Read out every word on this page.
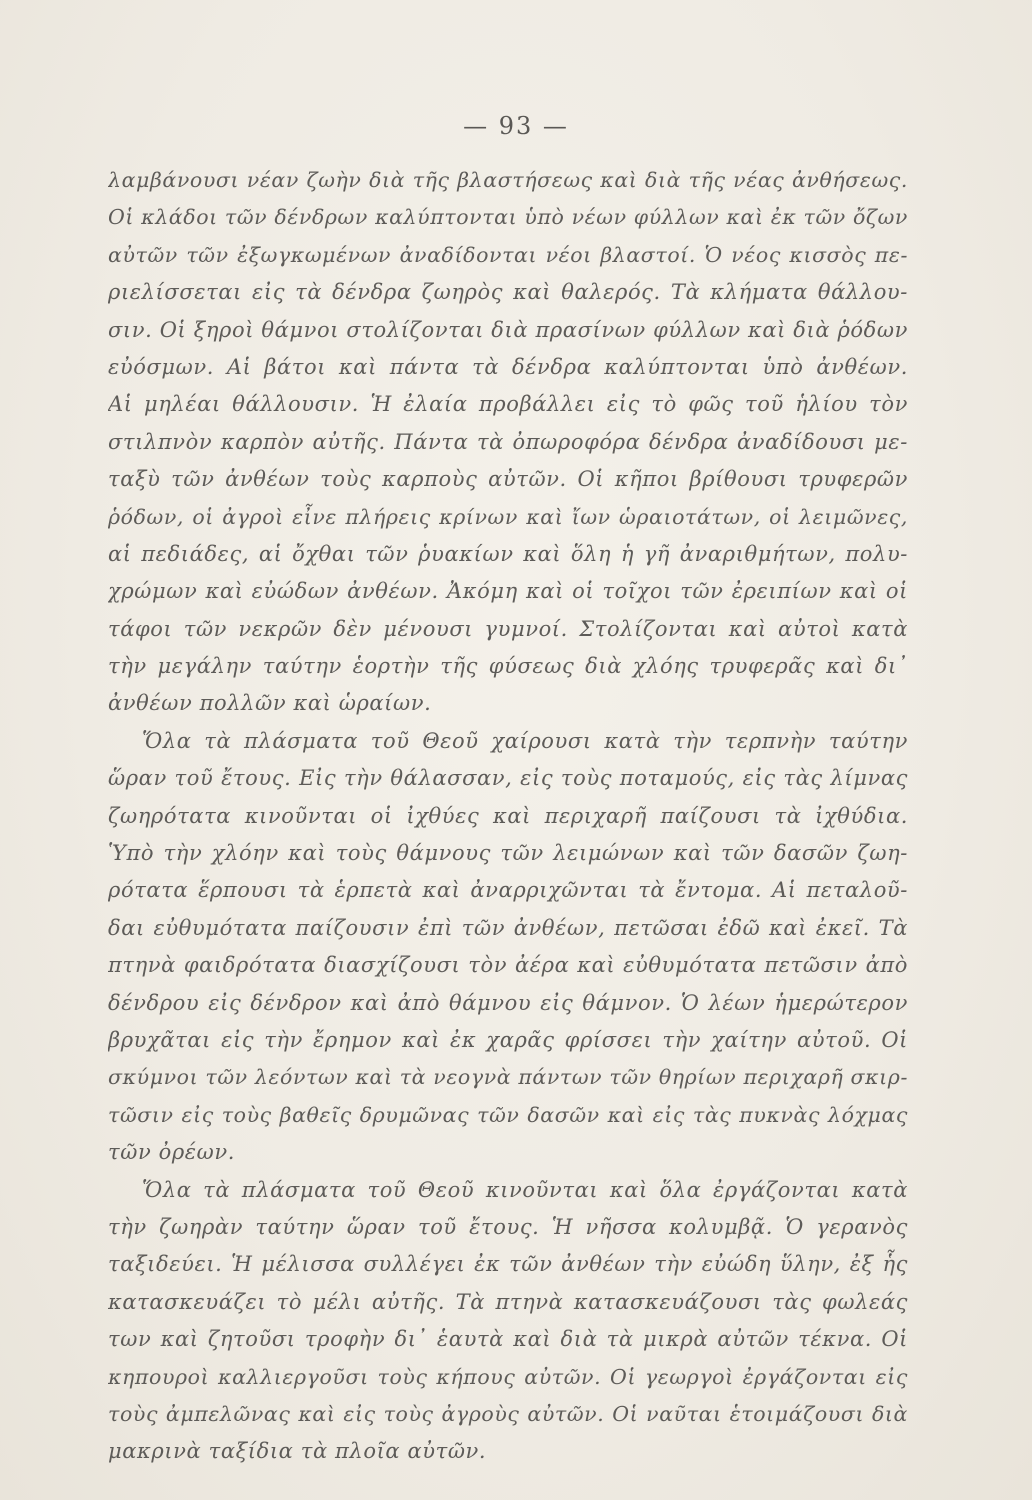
— 93 —
λαμβάνουσι νέαν ζωὴν διὰ τῆς βλαστήσεως καὶ διὰ τῆς νέας ἀνθήσεως.
Οἱ κλάδοι τῶν δένδρων καλύπτονται ὑπὸ νέων φύλλων καὶ ἐκ τῶν ὄζων
αὐτῶν τῶν ἐξωγκωμένων ἀναδίδονται νέοι βλαστοί. Ὁ νέος κισσὸς πε-
ριελίσσεται εἰς τὰ δένδρα ζωηρὸς καὶ θαλερός. Τὰ κλήματα θάλλου-
σιν. Οἱ ξηροὶ θάμνοι στολίζονται διὰ πρασίνων φύλλων καὶ διὰ ῥόδων
εὐόσμων. Αἱ βάτοι καὶ πάντα τὰ δένδρα καλύπτονται ὑπὸ ἀνθέων.
Αἱ μηλέαι θάλλουσιν. Ἡ ἐλαία προβάλλει εἰς τὸ φῶς τοῦ ἡλίου τὸν
στιλπνὸν καρπὸν αὐτῆς. Πάντα τὰ ὀπωροφόρα δένδρα ἀναδίδουσι με-
ταξὺ τῶν ἀνθέων τοὺς καρποὺς αὐτῶν. Οἱ κῆποι βρίθουσι τρυφερῶν
ῥόδων, οἱ ἀγροὶ εἶνε πλήρεις κρίνων καὶ ἴων ὡραιοτάτων, οἱ λειμῶνες,
αἱ πεδιάδες, αἱ ὄχθαι τῶν ῥυακίων καὶ ὅλη ἡ γῆ ἀναριθμήτων, πολυ-
χρώμων καὶ εὐώδων ἀνθέων. Ἀκόμη καὶ οἱ τοῖχοι τῶν ἐρειπίων καὶ οἱ
τάφοι τῶν νεκρῶν δὲν μένουσι γυμνοί. Στολίζονται καὶ αὐτοὶ κατὰ
τὴν μεγάλην ταύτην ἑορτὴν τῆς φύσεως διὰ χλόης τρυφερᾶς καὶ δι᾽
ἀνθέων πολλῶν καὶ ὡραίων.
Ὅλα τὰ πλάσματα τοῦ Θεοῦ χαίρουσι κατὰ τὴν τερπνὴν ταύτην
ὥραν τοῦ ἔτους. Εἰς τὴν θάλασσαν, εἰς τοὺς ποταμούς, εἰς τὰς λίμνας
ζωηρότατα κινοῦνται οἱ ἰχθύες καὶ περιχαρῆ παίζουσι τὰ ἰχθύδια.
Ὑπὸ τὴν χλόην καὶ τοὺς θάμνους τῶν λειμώνων καὶ τῶν δασῶν ζωη-
ρότατα ἕρπουσι τὰ ἑρπετὰ καὶ ἀναρριχῶνται τὰ ἔντομα. Αἱ πεταλοῦ-
δαι εὐθυμότατα παίζουσιν ἐπὶ τῶν ἀνθέων, πετῶσαι ἐδῶ καὶ ἐκεῖ. Τὰ
πτηνὰ φαιδρότατα διασχίζουσι τὸν ἀέρα καὶ εὐθυμότατα πετῶσιν ἀπὸ
δένδρου εἰς δένδρον καὶ ἀπὸ θάμνου εἰς θάμνον. Ὁ λέων ἡμερώτερον
βρυχᾶται εἰς τὴν ἔρημον καὶ ἐκ χαρᾶς φρίσσει τὴν χαίτην αὐτοῦ. Οἱ
σκύμνοι τῶν λεόντων καὶ τὰ νεογνὰ πάντων τῶν θηρίων περιχαρῆ σκιρ-
τῶσιν εἰς τοὺς βαθεῖς δρυμῶνας τῶν δασῶν καὶ εἰς τὰς πυκνὰς λόχμας
τῶν ὀρέων.
Ὅλα τὰ πλάσματα τοῦ Θεοῦ κινοῦνται καὶ ὅλα ἐργάζονται κατὰ
τὴν ζωηρὰν ταύτην ὥραν τοῦ ἔτους. Ἡ νῆσσα κολυμβᾷ. Ὁ γερανὸς
ταξιδεύει. Ἡ μέλισσα συλλέγει ἐκ τῶν ἀνθέων τὴν εὐώδη ὕλην, ἐξ ἧς
κατασκευάζει τὸ μέλι αὐτῆς. Τὰ πτηνὰ κατασκευάζουσι τὰς φωλεάς
των καὶ ζητοῦσι τροφὴν δι᾽ ἑαυτὰ καὶ διὰ τὰ μικρὰ αὐτῶν τέκνα. Οἱ
κηπουροὶ καλλιεργοῦσι τοὺς κήπους αὐτῶν. Οἱ γεωργοὶ ἐργάζονται εἰς
τοὺς ἀμπελῶνας καὶ εἰς τοὺς ἀγροὺς αὐτῶν. Οἱ ναῦται ἑτοιμάζουσι διὰ
μακρινὰ ταξίδια τὰ πλοῖα αὐτῶν.
